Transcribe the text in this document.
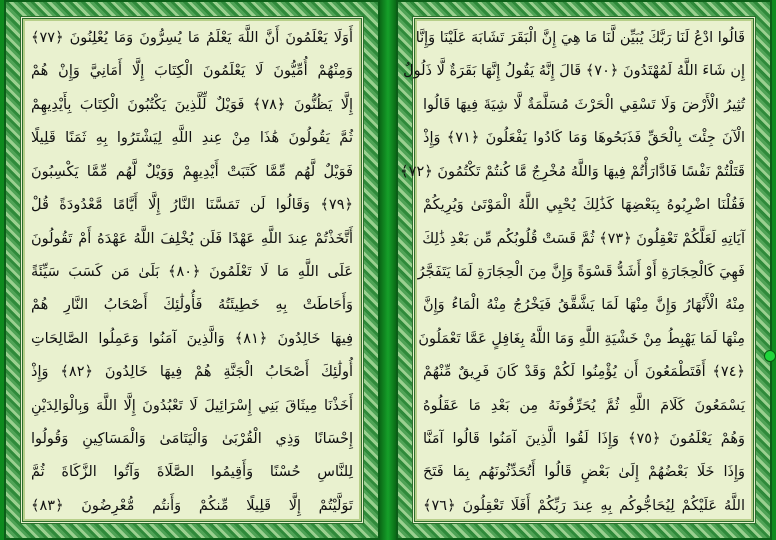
أَوَلَا يَعْلَمُونَ أَنَّ اللَّهَ يَعْلَمُ مَا يُسِرُّونَ وَمَا يُعْلِنُونَ ﴿٧٧﴾
وَمِنْهُمْ أُمِّيُّونَ لَا يَعْلَمُونَ الْكِتَابَ إِلَّا أَمَانِيَّ وَإِنْ هُمْ
إِلَّا يَظُنُّونَ ﴿٧٨﴾ فَوَيْلٌ لِّلَّذِينَ يَكْتُبُونَ الْكِتَابَ بِأَيْدِيهِمْ
ثُمَّ يَقُولُونَ هَٰذَا مِنْ عِندِ اللَّهِ لِيَشْتَرُوا بِهِ ثَمَنًا قَلِيلًا
فَوَيْلٌ لَّهُم مِّمَّا كَتَبَتْ أَيْدِيهِمْ وَوَيْلٌ لَّهُم مِّمَّا يَكْسِبُونَ
﴿٧٩﴾ وَقَالُوا لَن تَمَسَّنَا النَّارُ إِلَّا أَيَّامًا مَّعْدُودَةً قُلْ
أَتَّخَذْتُمْ عِندَ اللَّهِ عَهْدًا فَلَن يُخْلِفَ اللَّهُ عَهْدَهُ أَمْ تَقُولُونَ
عَلَى اللَّهِ مَا لَا تَعْلَمُونَ ﴿٨٠﴾ بَلَىٰ مَن كَسَبَ سَيِّئَةً
وَأَحَاطَتْ بِهِ خَطِيئَتُهُ فَأُولَٰئِكَ أَصْحَابُ النَّارِ هُمْ
فِيهَا خَالِدُونَ ﴿٨١﴾ وَالَّذِينَ آمَنُوا وَعَمِلُوا الصَّالِحَاتِ
أُولَٰئِكَ أَصْحَابُ الْجَنَّةِ هُمْ فِيهَا خَالِدُونَ ﴿٨٢﴾ وَإِذْ
أَخَذْنَا مِيثَاقَ بَنِي إِسْرَائِيلَ لَا تَعْبُدُونَ إِلَّا اللَّهَ وَبِالْوَالِدَيْنِ
إِحْسَانًا وَذِي الْقُرْبَىٰ وَالْيَتَامَىٰ وَالْمَسَاكِينِ وَقُولُوا
لِلنَّاسِ حُسْنًا وَأَقِيمُوا الصَّلَاةَ وَآتُوا الزَّكَاةَ ثُمَّ
تَوَلَّيْتُمْ إِلَّا قَلِيلًا مِّنكُمْ وَأَنتُم مُّعْرِضُونَ ﴿٨٣﴾
قَالُوا ادْعُ لَنَا رَبَّكَ يُبَيِّن لَّنَا مَا هِيَ إِنَّ الْبَقَرَ تَشَابَهَ عَلَيْنَا وَإِنَّا
إِن شَاءَ اللَّهُ لَمُهْتَدُونَ ﴿٧٠﴾ قَالَ إِنَّهُ يَقُولُ إِنَّهَا بَقَرَةٌ لَّا ذَلُولٌ
تُثِيرُ الْأَرْضَ وَلَا تَسْقِي الْحَرْثَ مُسَلَّمَةٌ لَّا شِيَةَ فِيهَا قَالُوا
الْآنَ جِئْتَ بِالْحَقِّ فَذَبَحُوهَا وَمَا كَادُوا يَفْعَلُونَ ﴿٧١﴾ وَإِذْ
قَتَلْتُمْ نَفْسًا فَادَّارَأْتُمْ فِيهَا وَاللَّهُ مُخْرِجٌ مَّا كُنتُمْ تَكْتُمُونَ ﴿٧٢﴾
فَقُلْنَا اضْرِبُوهُ بِبَعْضِهَا كَذَٰلِكَ يُحْيِي اللَّهُ الْمَوْتَىٰ وَيُرِيكُمْ
آيَاتِهِ لَعَلَّكُمْ تَعْقِلُونَ ﴿٧٣﴾ ثُمَّ قَسَتْ قُلُوبُكُم مِّن بَعْدِ ذَٰلِكَ
فَهِيَ كَالْحِجَارَةِ أَوْ أَشَدُّ قَسْوَةً وَإِنَّ مِنَ الْحِجَارَةِ لَمَا يَتَفَجَّرُ
مِنْهُ الْأَنْهَارُ وَإِنَّ مِنْهَا لَمَا يَشَّقَّقُ فَيَخْرُجُ مِنْهُ الْمَاءُ وَإِنَّ
مِنْهَا لَمَا يَهْبِطُ مِنْ خَشْيَةِ اللَّهِ وَمَا اللَّهُ بِغَافِلٍ عَمَّا تَعْمَلُونَ
﴿٧٤﴾ أَفَتَطْمَعُونَ أَن يُؤْمِنُوا لَكُمْ وَقَدْ كَانَ فَرِيقٌ مِّنْهُمْ
يَسْمَعُونَ كَلَامَ اللَّهِ ثُمَّ يُحَرِّفُونَهُ مِن بَعْدِ مَا عَقَلُوهُ
وَهُمْ يَعْلَمُونَ ﴿٧٥﴾ وَإِذَا لَقُوا الَّذِينَ آمَنُوا قَالُوا آمَنَّا
وَإِذَا خَلَا بَعْضُهُمْ إِلَىٰ بَعْضٍ قَالُوا أَتُحَدِّثُونَهُم بِمَا فَتَحَ
اللَّهُ عَلَيْكُمْ لِيُحَاجُّوكُم بِهِ عِندَ رَبِّكُمْ أَفَلَا تَعْقِلُونَ ﴿٧٦﴾
